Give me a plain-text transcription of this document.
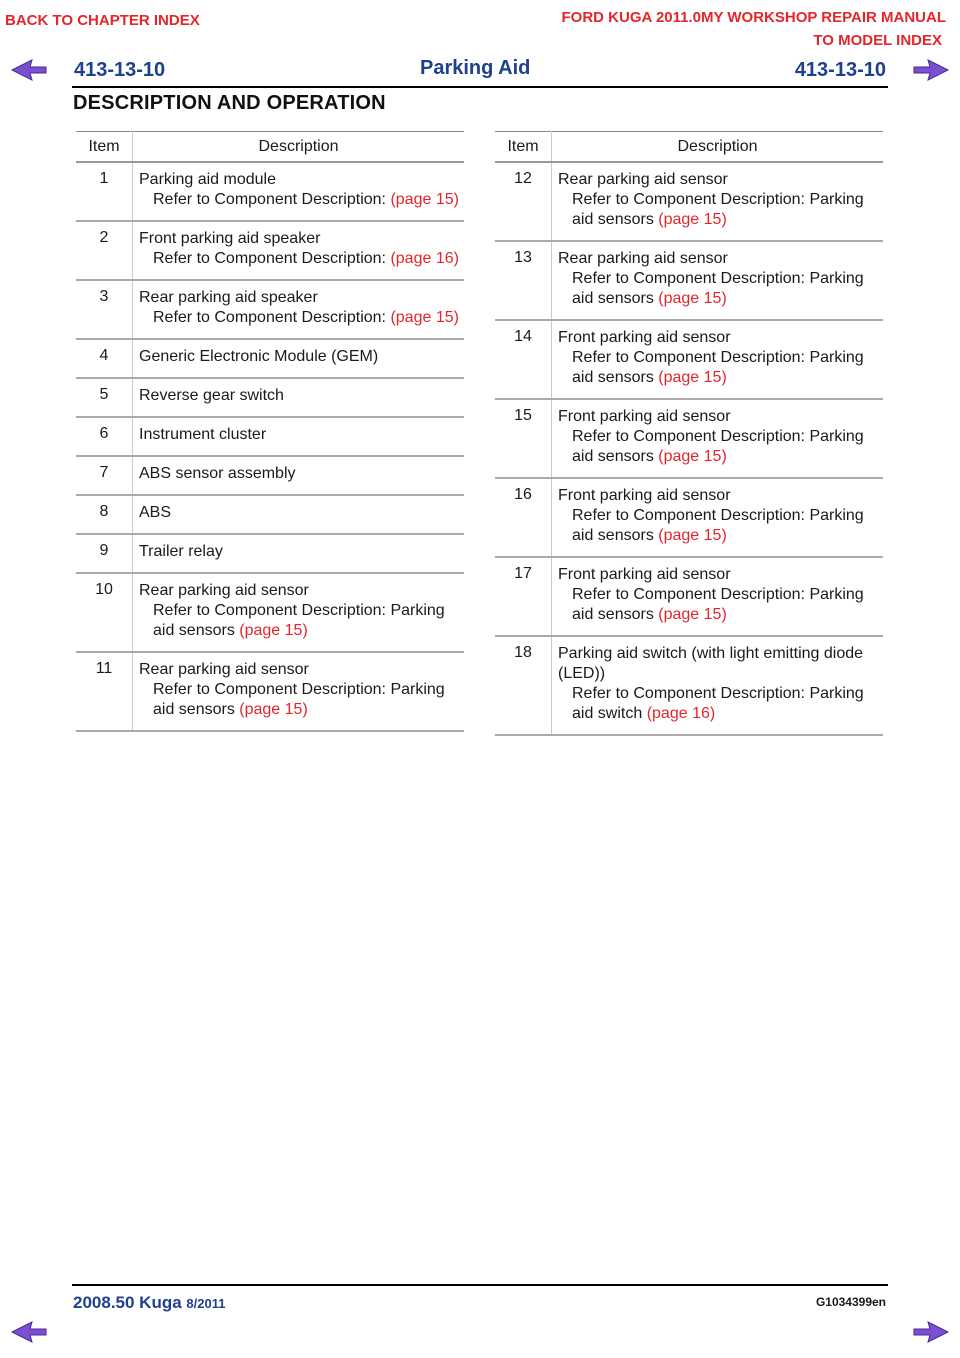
BACK TO CHAPTER INDEX	FORD KUGA 2011.0MY WORKSHOP REPAIR MANUAL
TO MODEL INDEX
413-13-10	Parking Aid	413-13-10
DESCRIPTION AND OPERATION
Item	Description
1	Parking aid module
Refer to Component Description: (page 15)

2	Front parking aid speaker
Refer to Component Description: (page 16)

3	Rear parking aid speaker
Refer to Component Description: (page 15)

4	Generic Electronic Module (GEM)
5	Reverse gear switch
6	Instrument cluster
7	ABS sensor assembly
8	ABS
9	Trailer relay
10	Rear parking aid sensor
Refer to Component Description: Parking aid sensors (page 15)

11	Rear parking aid sensor
Refer to Component Description: Parking aid sensors (page 15)
Item	Description
12	Rear parking aid sensor
Refer to Component Description: Parking aid sensors (page 15)

13	Rear parking aid sensor
Refer to Component Description: Parking aid sensors (page 15)

14	Front parking aid sensor
Refer to Component Description: Parking aid sensors (page 15)

15	Front parking aid sensor
Refer to Component Description: Parking aid sensors (page 15)

16	Front parking aid sensor
Refer to Component Description: Parking aid sensors (page 15)

17	Front parking aid sensor
Refer to Component Description: Parking aid sensors (page 15)

18	Parking aid switch (with light emitting diode (LED))
Refer to Component Description: Parking aid switch (page 16)
2008.50 Kuga 8/2011	G1034399en
